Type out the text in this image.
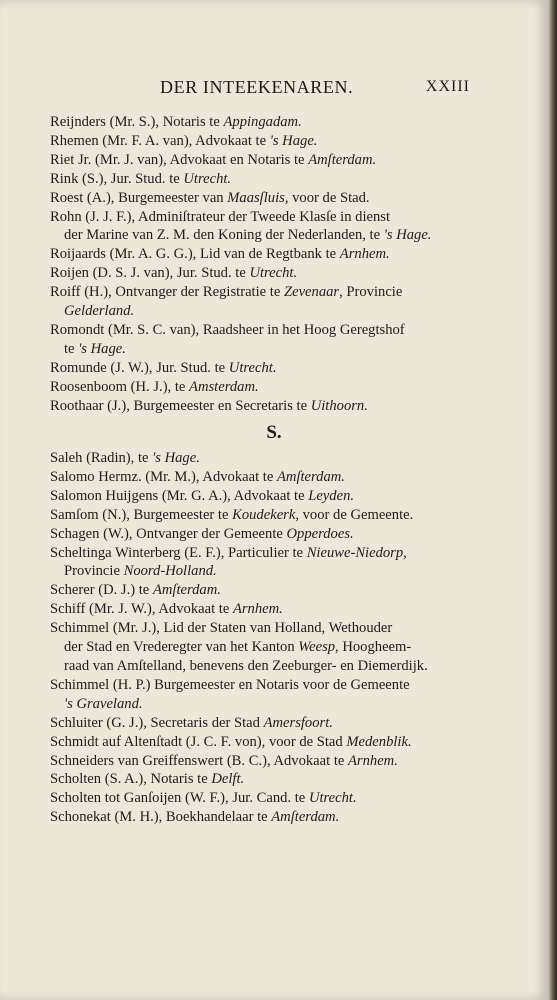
DER INTEEKENAREN.	XXIII

Reijnders (Mr. S.), Notaris te Appingadam.

Rhemen (Mr. F. A. van), Advokaat te 's Hage.

Riet Jr. (Mr. J. van), Advokaat en Notaris te Amſterdam.

Rink (S.), Jur. Stud. te Utrecht.

Roest (A.), Burgemeester van Maasſluis, voor de Stad.

Rohn (J. J. F.), Adminiſtrateur der Tweede Klasſe in dienst
der Marine van Z. M. den Koning der Nederlanden, te 's Hage.

Roijaards (Mr. A. G. G.), Lid van de Regtbank te Arnhem.

Roijen (D. S. J. van), Jur. Stud. te Utrecht.

Roiff (H.), Ontvanger der Registratie te Zevenaar, Provincie
Gelderland.

Romondt (Mr. S. C. van), Raadsheer in het Hoog Geregtshof
te 's Hage.

Romunde (J. W.), Jur. Stud. te Utrecht.

Roosenboom (H. J.), te Amsterdam.

Roothaar (J.), Burgemeester en Secretaris te Uithoorn.

S.

Saleh (Radin), te 's Hage.

Salomo Hermz. (Mr. M.), Advokaat te Amſterdam.

Salomon Huijgens (Mr. G. A.), Advokaat te Leyden.

Samſom (N.), Burgemeester te Koudekerk, voor de Gemeente.

Schagen (W.), Ontvanger der Gemeente Opperdoes.

Scheltinga Winterberg (E. F.), Particulier te Nieuwe-Niedorp,
Provincie Noord-Holland.

Scherer (D. J.) te Amſterdam.

Schiff (Mr. J. W.), Advokaat te Arnhem.

Schimmel (Mr. J.), Lid der Staten van Holland, Wethouder
der Stad en Vrederegter van het Kanton Weesp, Hoogheem-
raad van Amſtelland, benevens den Zeeburger- en Diemerdijk.

Schimmel (H. P.) Burgemeester en Notaris voor de Gemeente
's Graveland.

Schluiter (G. J.), Secretaris der Stad Amersfoort.

Schmidt auf Altenſtadt (J. C. F. von), voor de Stad Medenblik.

Schneiders van Greiffenswert (B. C.), Advokaat te Arnhem.

Scholten (S. A.), Notaris te Delft.

Scholten tot Ganſoijen (W. F.), Jur. Cand. te Utrecht.

Schonekat (M. H.), Boekhandelaar te Amſterdam.
